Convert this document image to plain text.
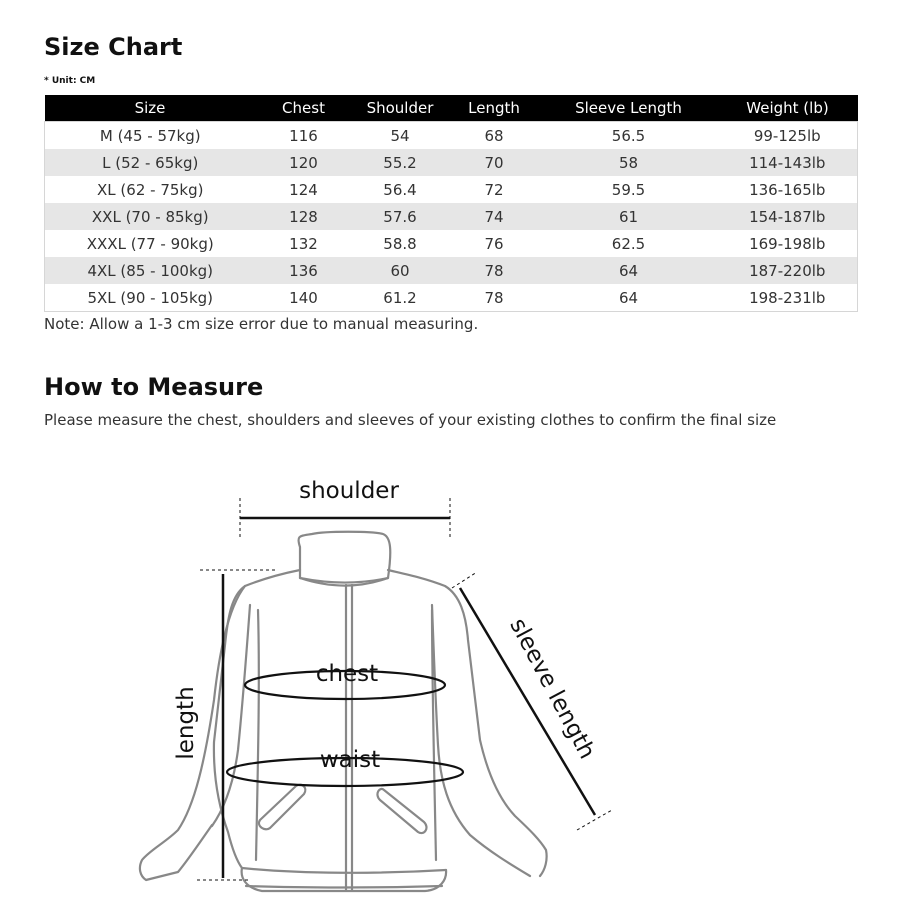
Size Chart
* Unit: CM
Size	Chest	Shoulder	Length	Sleeve Length	Weight (lb)
M (45 - 57kg)	116	54	68	56.5	99-125lb
L (52 - 65kg)	120	55.2	70	58	114-143lb
XL (62 - 75kg)	124	56.4	72	59.5	136-165lb
XXL (70 - 85kg)	128	57.6	74	61	154-187lb
XXXL (77 - 90kg)	132	58.8	76	62.5	169-198lb
4XL (85 - 100kg)	136	60	78	64	187-220lb
5XL (90 - 105kg)	140	61.2	78	64	198-231lb
Note: Allow a 1-3 cm size error due to manual measuring.
How to Measure
Please measure the chest, shoulders and sleeves of your existing clothes to confirm the final size
shoulder
chest
waist
length	sleeve length
